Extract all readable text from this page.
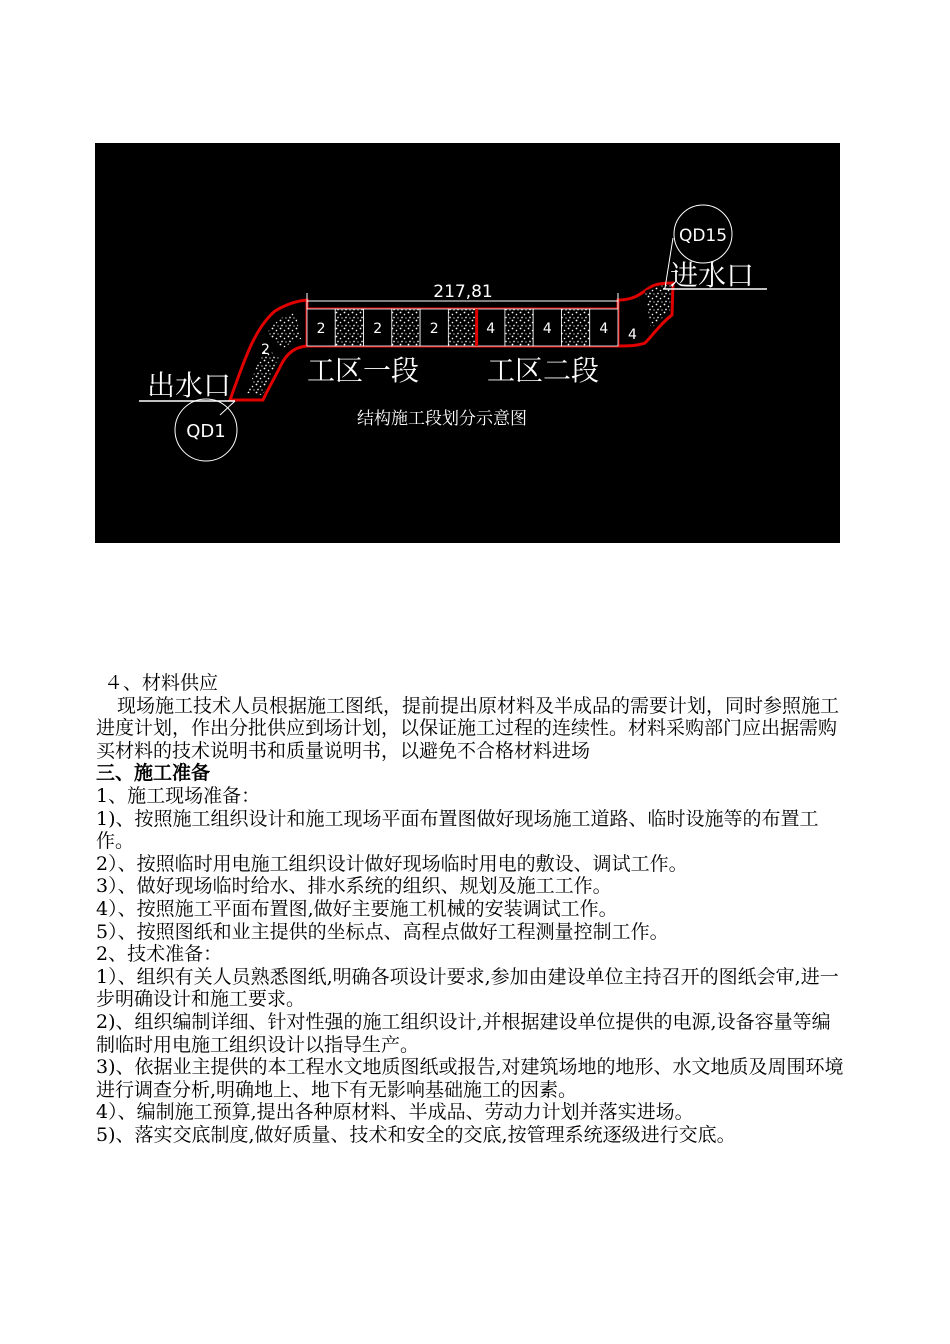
2	2	2	4	4	4
217,81
2
4
出水口
QD1
QD15
进水口
工区一段 工区二段
结构施工段划分示意图

４、材料供应

现场施工技术人员根据施工图纸，提前提出原材料及半成品的需要计划，同时参照施工进度计划，作出分批供应到场计划，以保证施工过程的连续性。材料采购部门应出据需购买材料的技术说明书和质量说明书，以避免不合格材料进场

三、施工准备

1、施工现场准备：

1)、按照施工组织设计和施工现场平面布置图做好现场施工道路、临时设施等的布置工作。

2）、按照临时用电施工组织设计做好现场临时用电的敷设、调试工作。

3）、做好现场临时给水、排水系统的组织、规划及施工工作。

4）、按照施工平面布置图,做好主要施工机械的安装调试工作。

5）、按照图纸和业主提供的坐标点、高程点做好工程测量控制工作。

2、技术准备：

1）、组织有关人员熟悉图纸,明确各项设计要求,参加由建设单位主持召开的图纸会审,进一步明确设计和施工要求。

2)、组织编制详细、针对性强的施工组织设计,并根据建设单位提供的电源,设备容量等编制临时用电施工组织设计以指导生产。

3)、依据业主提供的本工程水文地质图纸或报告,对建筑场地的地形、水文地质及周围环境进行调查分析,明确地上、地下有无影响基础施工的因素。

4）、编制施工预算,提出各种原材料、半成品、劳动力计划并落实进场。

5)、落实交底制度,做好质量、技术和安全的交底,按管理系统逐级进行交底。
